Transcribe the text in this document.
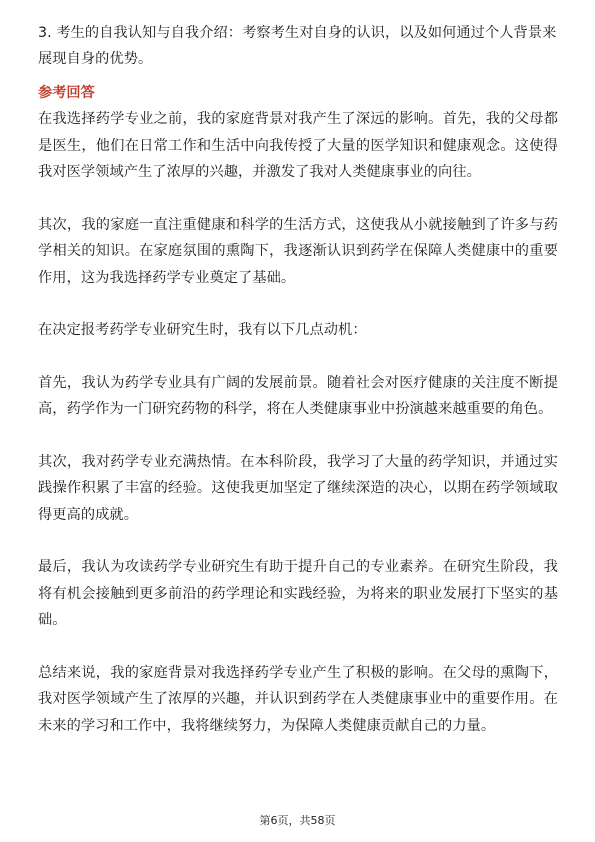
3. 考生的自我认知与自我介绍：考察考生对自身的认识，以及如何通过个人背景来展现自身的优势。

参考回答

在我选择药学专业之前，我的家庭背景对我产生了深远的影响。首先，我的父母都是医生，他们在日常工作和生活中向我传授了大量的医学知识和健康观念。这使得我对医学领域产生了浓厚的兴趣，并激发了我对人类健康事业的向往。

其次，我的家庭一直注重健康和科学的生活方式，这使我从小就接触到了许多与药学相关的知识。在家庭氛围的熏陶下，我逐渐认识到药学在保障人类健康中的重要作用，这为我选择药学专业奠定了基础。

在决定报考药学专业研究生时，我有以下几点动机：

首先，我认为药学专业具有广阔的发展前景。随着社会对医疗健康的关注度不断提高，药学作为一门研究药物的科学，将在人类健康事业中扮演越来越重要的角色。

其次，我对药学专业充满热情。在本科阶段，我学习了大量的药学知识，并通过实践操作积累了丰富的经验。这使我更加坚定了继续深造的决心，以期在药学领域取得更高的成就。

最后，我认为攻读药学专业研究生有助于提升自己的专业素养。在研究生阶段，我将有机会接触到更多前沿的药学理论和实践经验，为将来的职业发展打下坚实的基础。

总结来说，我的家庭背景对我选择药学专业产生了积极的影响。在父母的熏陶下，我对医学领域产生了浓厚的兴趣，并认识到药学在人类健康事业中的重要作用。在未来的学习和工作中，我将继续努力，为保障人类健康贡献自己的力量。

第6页，共58页
